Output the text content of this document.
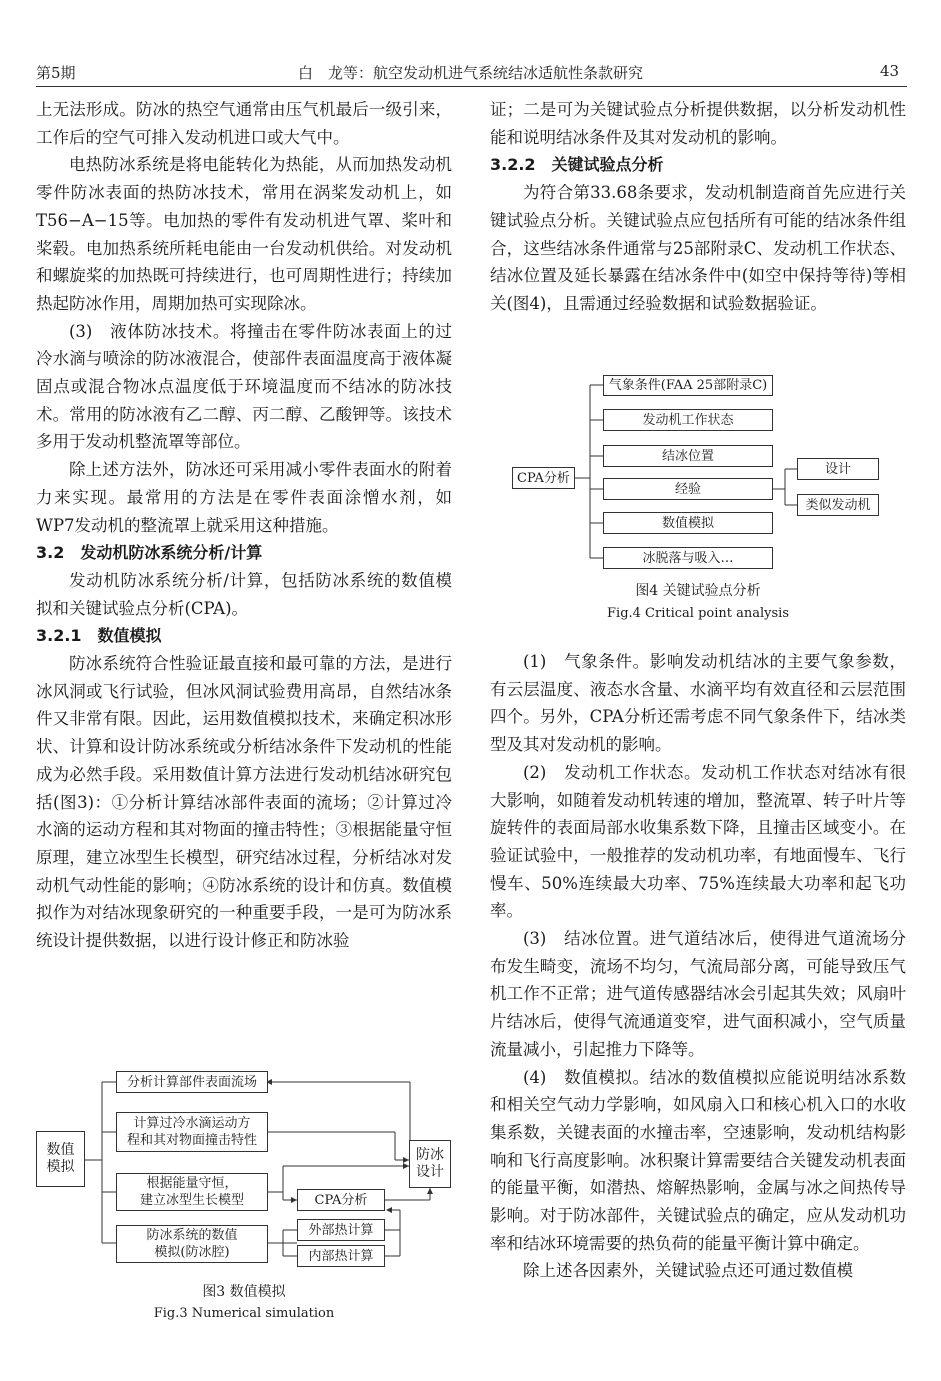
第5期	白　龙等：航空发动机进气系统结冰适航性条款研究	43

上无法形成。防冰的热空气通常由压气机最后一级引来，工作后的空气可排入发动机进口或大气中。

电热防冰系统是将电能转化为热能，从而加热发动机零件防冰表面的热防冰技术，常用在涡桨发动机上，如T56−A−15等。电加热的零件有发动机进气罩、桨叶和桨毂。电加热系统所耗电能由一台发动机供给。对发动机和螺旋桨的加热既可持续进行，也可周期性进行；持续加热起防冰作用，周期加热可实现除冰。

(3)　液体防冰技术。将撞击在零件防冰表面上的过冷水滴与喷涂的防冰液混合，使部件表面温度高于液体凝固点或混合物冰点温度低于环境温度而不结冰的防冰技术。常用的防冰液有乙二醇、丙二醇、乙酸钾等。该技术多用于发动机整流罩等部位。

除上述方法外，防冰还可采用减小零件表面水的附着力来实现。最常用的方法是在零件表面涂憎水剂，如WP7发动机的整流罩上就采用这种措施。

3.2　发动机防冰系统分析/计算

发动机防冰系统分析/计算，包括防冰系统的数值模拟和关键试验点分析(CPA)。

3.2.1　数值模拟

防冰系统符合性验证最直接和最可靠的方法，是进行冰风洞或飞行试验，但冰风洞试验费用高昂，自然结冰条件又非常有限。因此，运用数值模拟技术，来确定积冰形状、计算和设计防冰系统或分析结冰条件下发动机的性能成为必然手段。采用数值计算方法进行发动机结冰研究包括(图3)：①分析计算结冰部件表面的流场；②计算过冷水滴的运动方程和其对物面的撞击特性；③根据能量守恒原理，建立冰型生长模型，研究结冰过程，分析结冰对发动机气动性能的影响；④防冰系统的设计和仿真。数值模拟作为对结冰现象研究的一种重要手段，一是可为防冰系统设计提供数据，以进行设计修正和防冰验

数值
模拟
分析计算部件表面流场
计算过冷水滴运动方
程和其对物面撞击特性
根据能量守恒，
建立冰型生长模型
防冰系统的数值
模拟(防冰腔)
CPA分析
外部热计算
内部热计算
防冰
设计
图3 数值模拟
Fig.3 Numerical simulation

证；二是可为关键试验点分析提供数据，以分析发动机性能和说明结冰条件及其对发动机的影响。

3.2.2　关键试验点分析

为符合第33.68条要求，发动机制造商首先应进行关键试验点分析。关键试验点应包括所有可能的结冰条件组合，这些结冰条件通常与25部附录C、发动机工作状态、结冰位置及延长暴露在结冰条件中(如空中保持等待)等相关(图4)，且需通过经验数据和试验数据验证。

CPA分析
气象条件(FAA 25部附录C)
发动机工作状态
结冰位置
经验
数值模拟
冰脱落与吸入…
设计
类似发动机
图4 关键试验点分析
Fig.4 Critical point analysis

(1)　气象条件。影响发动机结冰的主要气象参数，有云层温度、液态水含量、水滴平均有效直径和云层范围四个。另外，CPA分析还需考虑不同气象条件下，结冰类型及其对发动机的影响。

(2)　发动机工作状态。发动机工作状态对结冰有很大影响，如随着发动机转速的增加，整流罩、转子叶片等旋转件的表面局部水收集系数下降，且撞击区域变小。在验证试验中，一般推荐的发动机功率，有地面慢车、飞行慢车、50%连续最大功率、75%连续最大功率和起飞功率。

(3)　结冰位置。进气道结冰后，使得进气道流场分布发生畸变，流场不均匀，气流局部分离，可能导致压气机工作不正常；进气道传感器结冰会引起其失效；风扇叶片结冰后，使得气流通道变窄，进气面积减小，空气质量流量减小，引起推力下降等。

(4)　数值模拟。结冰的数值模拟应能说明结冰系数和相关空气动力学影响，如风扇入口和核心机入口的水收集系数，关键表面的水撞击率，空速影响，发动机结构影响和飞行高度影响。冰积聚计算需要结合关键发动机表面的能量平衡，如潜热、熔解热影响，金属与冰之间热传导影响。对于防冰部件，关键试验点的确定，应从发动机功率和结冰环境需要的热负荷的能量平衡计算中确定。

除上述各因素外，关键试验点还可通过数值模
